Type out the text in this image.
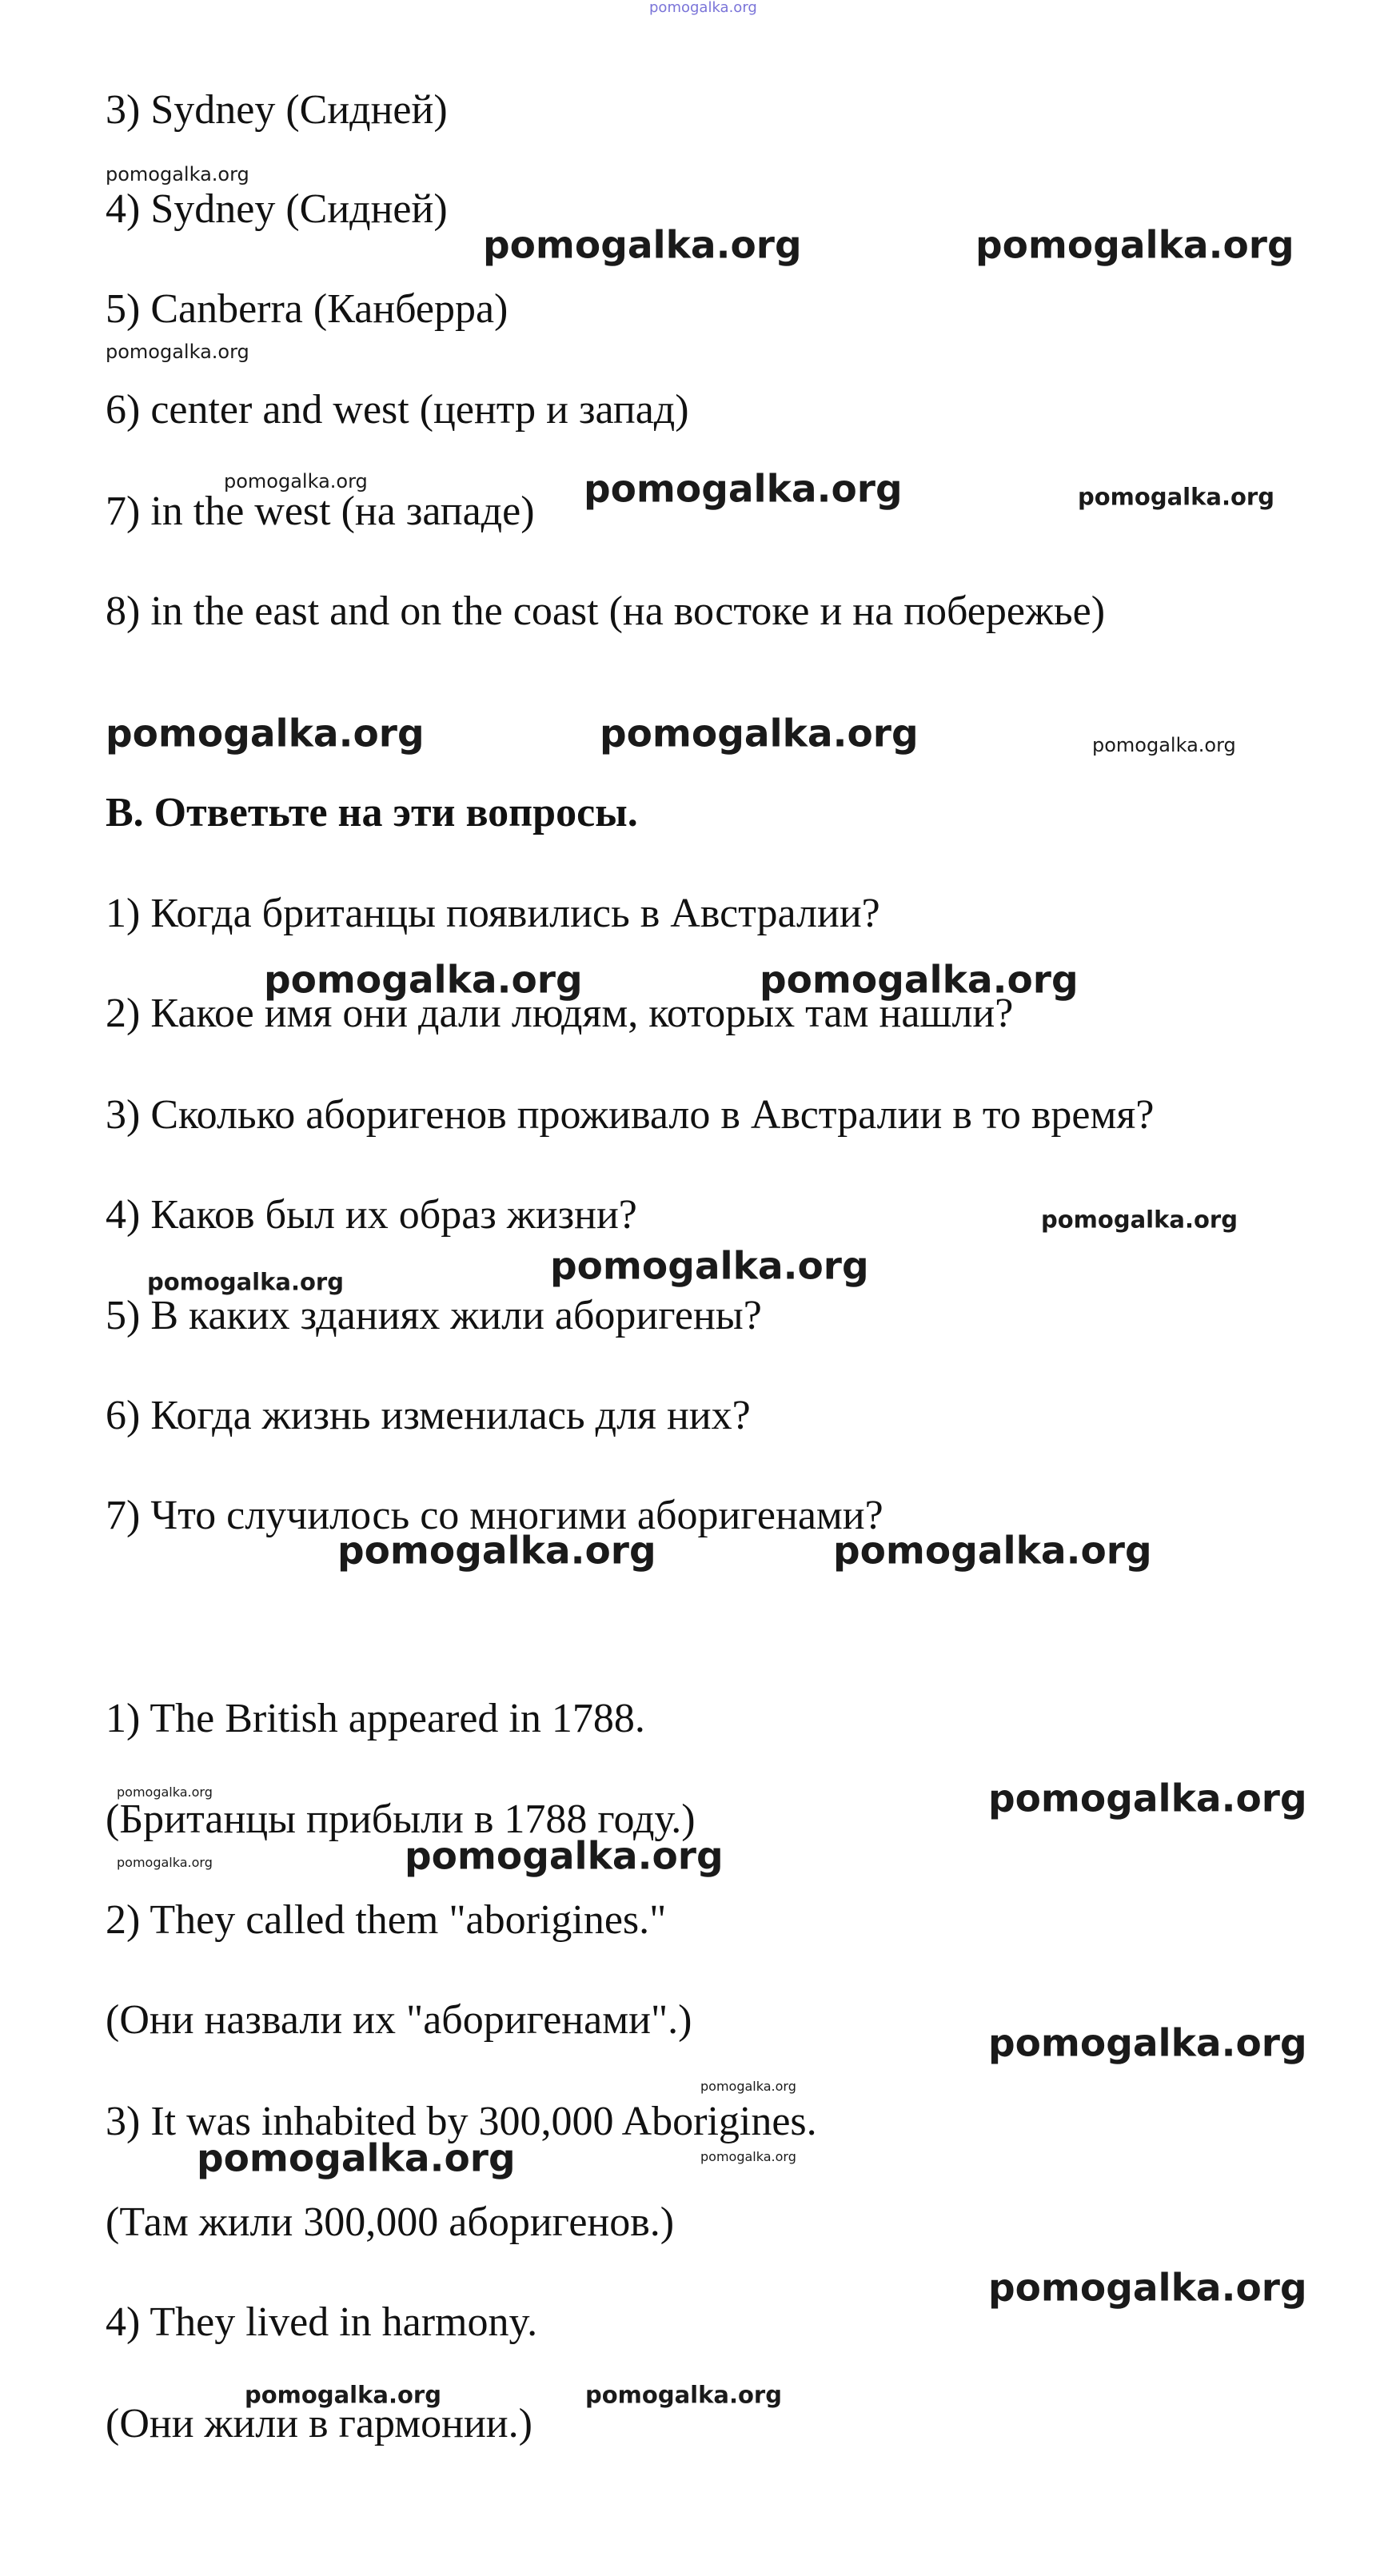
pomogalka.org
3) Sydney (Сидней)
4) Sydney (Сидней)
5) Canberra (Канберра)
6) center and west (центр и запад)
7) in the west (на западе)
8) in the east and on the coast (на востоке и на побережье)
B. Ответьте на эти вопросы.
1) Когда британцы появились в Австралии?
2) Какое имя они дали людям, которых там нашли?
3) Сколько аборигенов проживало в Австралии в то время?
4) Каков был их образ жизни?
5) В каких зданиях жили аборигены?
6) Когда жизнь изменилась для них?
7) Что случилось со многими аборигенами?
1) The British appeared in 1788.
(Британцы прибыли в 1788 году.)
2) They called them "aborigines."
(Они назвали их "аборигенами".)
3) It was inhabited by 300,000 Aborigines.
(Там жили 300,000 аборигенов.)
4) They lived in harmony.
(Они жили в гармонии.)
pomogalka.org
pomogalka.org	pomogalka.org
pomogalka.org
pomogalka.org	pomogalka.org	pomogalka.org
pomogalka.org	pomogalka.org	pomogalka.org
pomogalka.org	pomogalka.org
pomogalka.org
pomogalka.org
pomogalka.org
pomogalka.org	pomogalka.org
pomogalka.org	pomogalka.org
pomogalka.org
pomogalka.org
pomogalka.org
pomogalka.org
pomogalka.org	pomogalka.org
pomogalka.org
pomogalka.org	pomogalka.org
